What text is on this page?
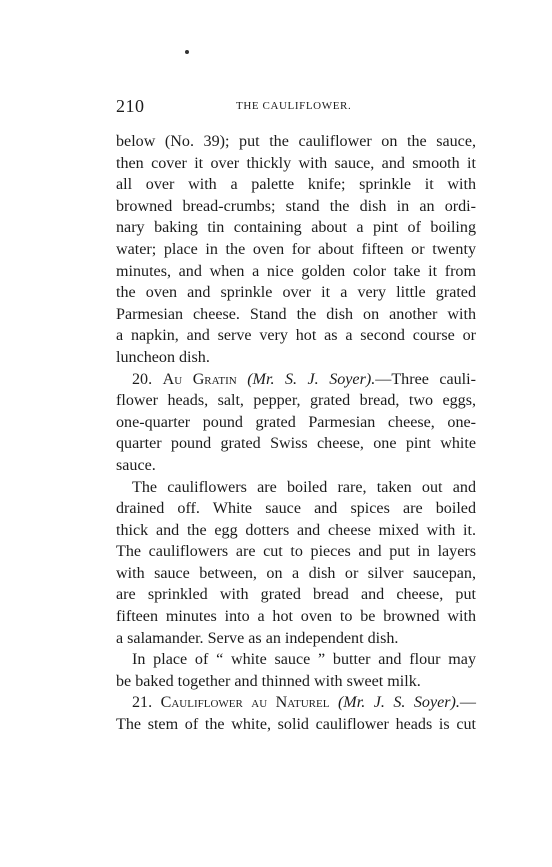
210	THE CAULIFLOWER.
below (No. 39); put the cauliflower on the sauce,
then cover it over thickly with sauce, and smooth it
all over with a palette knife; sprinkle it with
browned bread-crumbs; stand the dish in an ordi-
nary baking tin containing about a pint of boiling
water; place in the oven for about fifteen or twenty
minutes, and when a nice golden color take it from
the oven and sprinkle over it a very little grated
Parmesian cheese. Stand the dish on another with
a napkin, and serve very hot as a second course or
luncheon dish.
20. Au Gratin (Mr. S. J. Soyer).—Three cauli-
flower heads, salt, pepper, grated bread, two eggs,
one-quarter pound grated Parmesian cheese, one-
quarter pound grated Swiss cheese, one pint white
sauce.
The cauliflowers are boiled rare, taken out and
drained off. White sauce and spices are boiled
thick and the egg dotters and cheese mixed with it.
The cauliflowers are cut to pieces and put in layers
with sauce between, on a dish or silver saucepan,
are sprinkled with grated bread and cheese, put
fifteen minutes into a hot oven to be browned with
a salamander. Serve as an independent dish.
In place of “ white sauce ” butter and flour may
be baked together and thinned with sweet milk.
21. Cauliflower au Naturel (Mr. J. S. Soyer).—
The stem of the white, solid cauliflower heads is cut
